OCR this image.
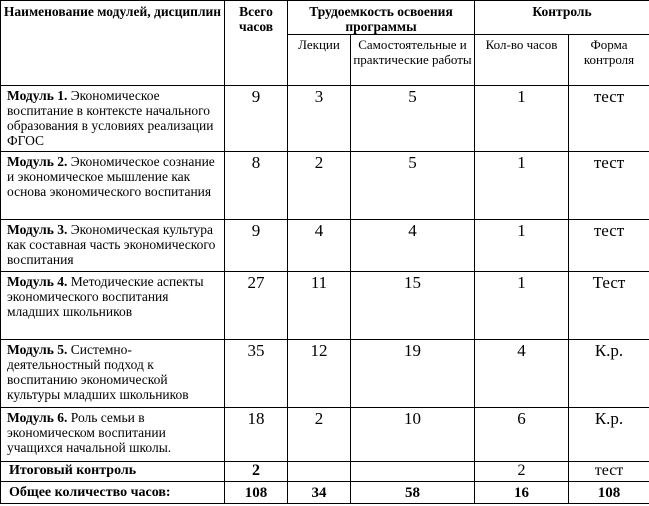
Наименование модулей, дисциплин	Всего часов	Трудоемкость освоения программы		Контроль	
		Лекции	Самостоятельные и практические работы	Кол-во часов	Форма контроля
Модуль 1. Экономическое воспитание в контексте начального образования в условиях реализации ФГОС	9	3	5	1	тест
Модуль 2. Экономическое сознание и экономическое мышление как основа экономического воспитания	8	2	5	1	тест
Модуль 3. Экономическая культура как составная часть экономического воспитания	9	4	4	1	тест
Модуль 4. Методические аспекты экономического воспитания младших школьников	27	11	15	1	Тест
Модуль 5. Системно-деятельностный подход к воспитанию экономической культуры младших школьников	35	12	19	4	К.р.
Модуль 6. Роль семьи в экономическом воспитании учащихся начальной школы.	18	2	10	6	К.р.
Итоговый контроль	2			2	тест
Общее количество часов:	108	34	58	16	108
